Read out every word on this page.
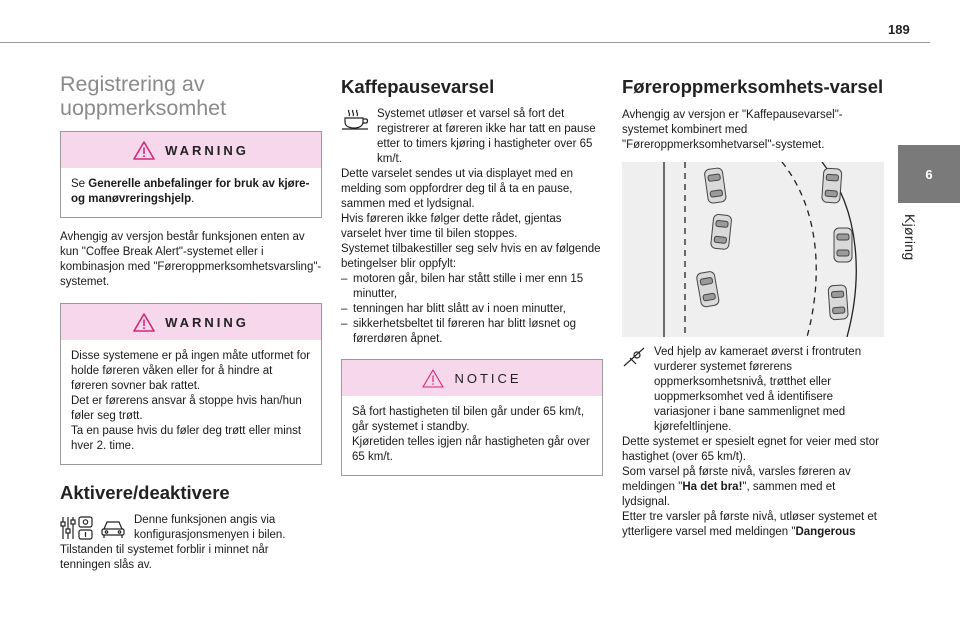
189
6
Kjøring
Registrering av uoppmerksomhet
WARNING

Se Generelle anbefalinger for bruk av kjøre- og manøvreringshjelp.

Avhengig av versjon består funksjonen enten av kun "Coffee Break Alert"-systemet eller i kombinasjon med "Føreroppmerksomhetsvarsling"-systemet.

WARNING

Disse systemene er på ingen måte utformet for holde føreren våken eller for å hindre at føreren sovner bak rattet.

Det er førerens ansvar å stoppe hvis han/hun føler seg trøtt.

Ta en pause hvis du føler deg trøtt eller minst hver 2. time.

Aktivere/deaktivere

Denne funksjonen angis via konfigurasjonsmenyen i bilen.

Tilstanden til systemet forblir i minnet når tenningen slås av.

Kaffepausevarsel

Systemet utløser et varsel så fort det registrerer at føreren ikke har tatt en pause etter to timers kjøring i hastigheter over 65 km/t.

Dette varselet sendes ut via displayet med en melding som oppfordrer deg til å ta en pause, sammen med et lydsignal.

Hvis føreren ikke følger dette rådet, gjentas varselet hver time til bilen stoppes.

Systemet tilbakestiller seg selv hvis en av følgende betingelser blir oppfylt:

– motoren går, bilen har stått stille i mer enn 15 minutter,
– tenningen har blitt slått av i noen minutter,
– sikkerhetsbeltet til føreren har blitt løsnet og førerdøren åpnet.
NOTICE

Så fort hastigheten til bilen går under 65 km/t, går systemet i standby.

Kjøretiden telles igjen når hastigheten går over 65 km/t.

Føreroppmerksomhets-varsel

Avhengig av versjon er "Kaffepausevarsel"-systemet kombinert med "Føreroppmerksomhetvarsel"-systemet.

Ved hjelp av kameraet øverst i frontruten vurderer systemet førerens oppmerksomhetsnivå, trøtthet eller uoppmerksomhet ved å identifisere variasjoner i bane sammenlignet med kjørefeltlinjene.

Dette systemet er spesielt egnet for veier med stor hastighet (over 65 km/t).

Som varsel på første nivå, varsles føreren av meldingen "Ha det bra!", sammen med et lydsignal.

Etter tre varsler på første nivå, utløser systemet et ytterligere varsel med meldingen "Dangerous
